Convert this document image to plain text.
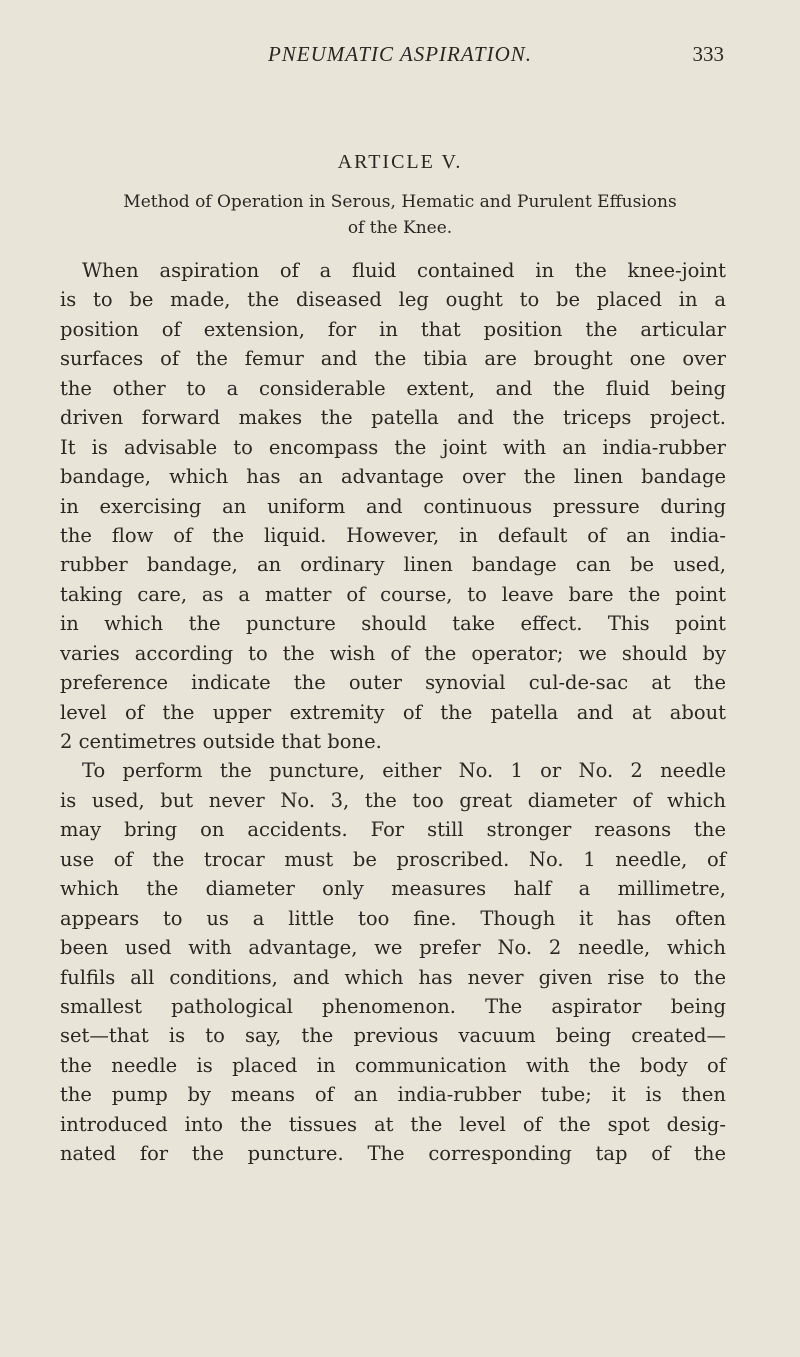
PNEUMATIC ASPIRATION.	333
ARTICLE V.
Method of Operation in Serous, Hematic and Purulent Effusions
of the Knee.
When aspiration of a fluid contained in the knee-joint
is to be made, the diseased leg ought to be placed in a
position of extension, for in that position the articular
surfaces of the femur and the tibia are brought one over
the other to a considerable extent, and the fluid being
driven forward makes the patella and the triceps project.
It is advisable to encompass the joint with an india-rubber
bandage, which has an advantage over the linen bandage
in exercising an uniform and continuous pressure during
the flow of the liquid. However, in default of an india-
rubber bandage, an ordinary linen bandage can be used,
taking care, as a matter of course, to leave bare the point
in which the puncture should take effect. This point
varies according to the wish of the operator; we should by
preference indicate the outer synovial cul-de-sac at the
level of the upper extremity of the patella and at about
2 centimetres outside that bone.
To perform the puncture, either No. 1 or No. 2 needle
is used, but never No. 3, the too great diameter of which
may bring on accidents. For still stronger reasons the
use of the trocar must be proscribed. No. 1 needle, of
which the diameter only measures half a millimetre,
appears to us a little too fine. Though it has often
been used with advantage, we prefer No. 2 needle, which
fulfils all conditions, and which has never given rise to the
smallest pathological phenomenon. The aspirator being
set—that is to say, the previous vacuum being created—
the needle is placed in communication with the body of
the pump by means of an india-rubber tube; it is then
introduced into the tissues at the level of the spot desig-
nated for the puncture. The corresponding tap of the
